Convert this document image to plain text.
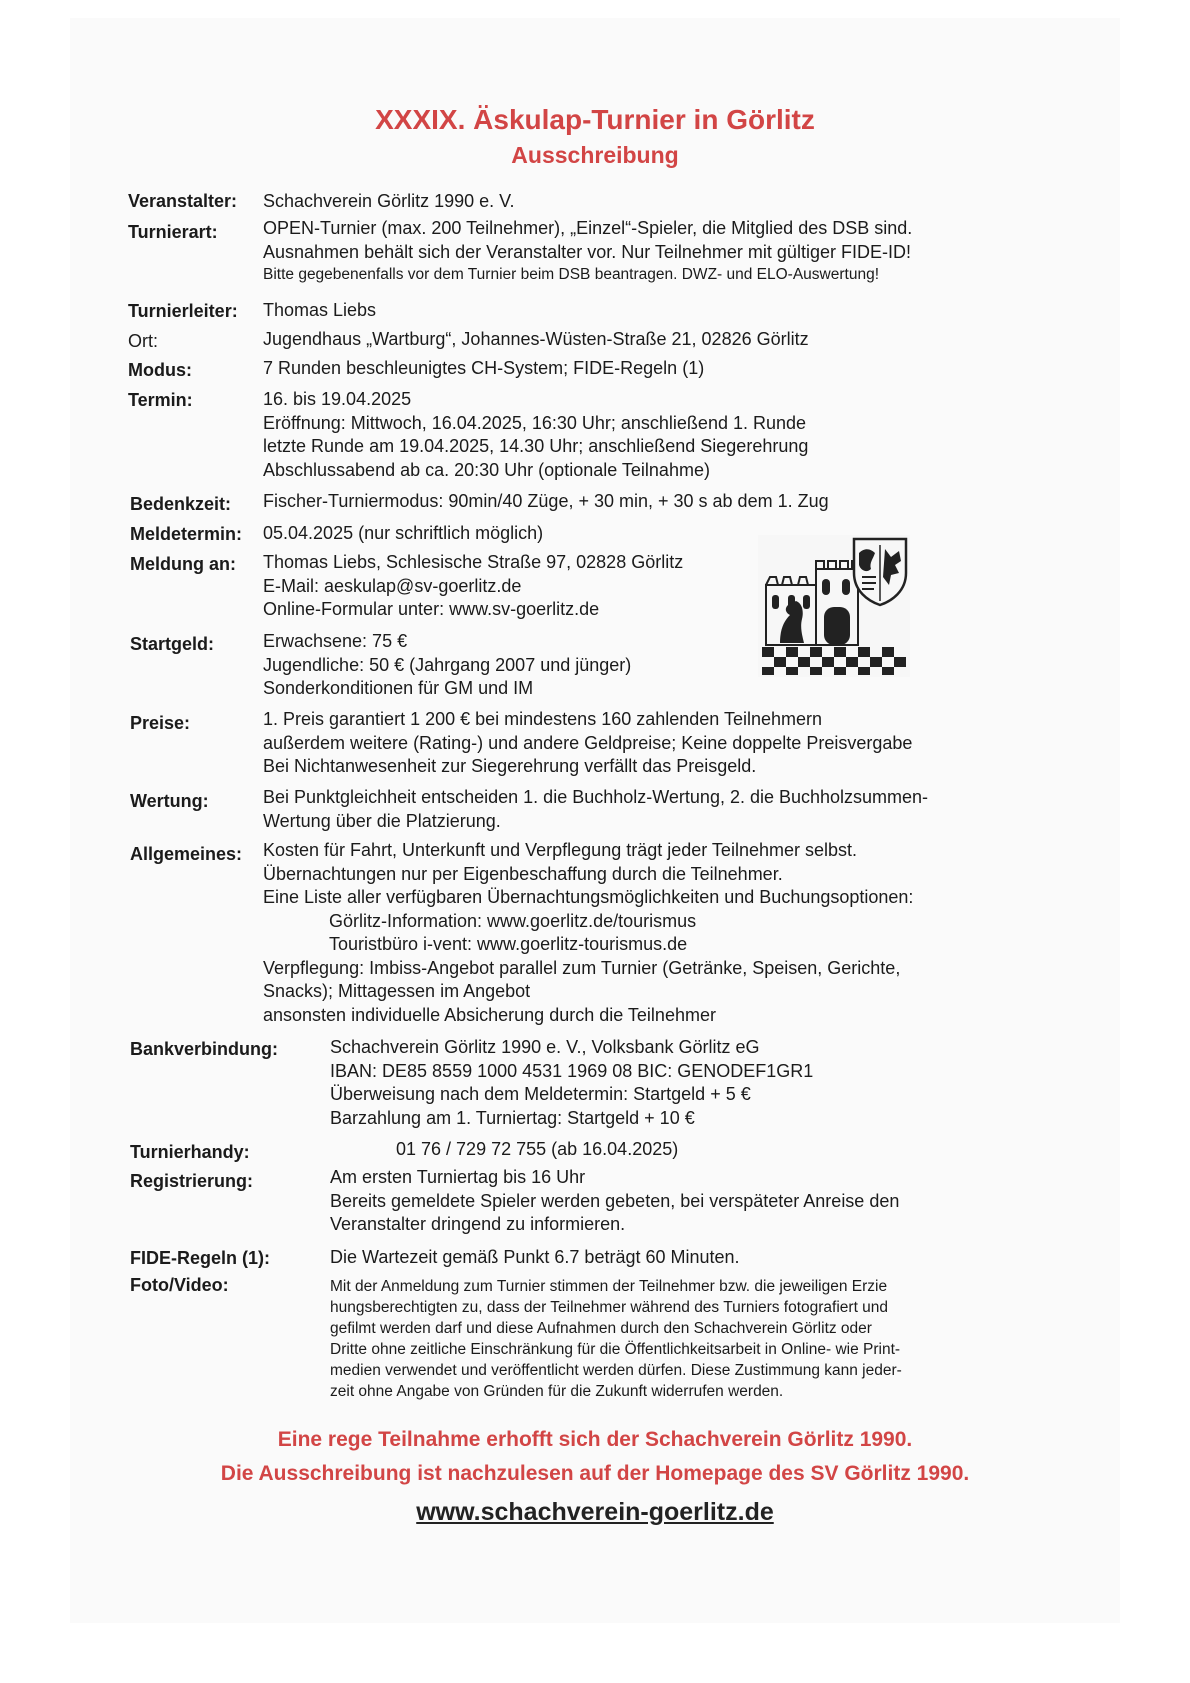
XXXIX. Äskulap-Turnier in Görlitz
Ausschreibung
Veranstalter: Schachverein Görlitz 1990 e. V.
Turnierart:	OPEN-Turnier (max. 200 Teilnehmer), „Einzel“-Spieler, die Mitglied des DSB sind.
Ausnahmen behält sich der Veranstalter vor. Nur Teilnehmer mit gültiger FIDE-ID!
Bitte gegebenenfalls vor dem Turnier beim DSB beantragen. DWZ- und ELO-Auswertung!
Turnierleiter: Thomas Liebs
Ort:	Jugendhaus „Wartburg“, Johannes-Wüsten-Straße 21, 02826 Görlitz
Modus:	7 Runden beschleunigtes CH-System; FIDE-Regeln (1)
Termin:	16. bis 19.04.2025
Eröffnung: Mittwoch, 16.04.2025, 16:30 Uhr; anschließend 1. Runde
letzte Runde am 19.04.2025, 14.30 Uhr; anschließend Siegerehrung
Abschlussabend ab ca. 20:30 Uhr (optionale Teilnahme)
Bedenkzeit: Fischer-Turniermodus: 90min/40 Züge, + 30 min, + 30 s ab dem 1. Zug
Meldetermin: 05.04.2025 (nur schriftlich möglich)
Meldung an: Thomas Liebs, Schlesische Straße 97, 02828 Görlitz
E-Mail: aeskulap@sv-goerlitz.de
Online-Formular unter: www.sv-goerlitz.de
Startgeld:	Erwachsene: 75 €
Jugendliche: 50 € (Jahrgang 2007 und jünger)
Sonderkonditionen für GM und IM
Preise:	1. Preis garantiert 1 200 € bei mindestens 160 zahlenden Teilnehmern
außerdem weitere (Rating-) und andere Geldpreise; Keine doppelte Preisvergabe
Bei Nichtanwesenheit zur Siegerehrung verfällt das Preisgeld.
Wertung:	Bei Punktgleichheit entscheiden 1. die Buchholz-Wertung, 2. die Buchholzsummen-
Wertung über die Platzierung.
Allgemeines: Kosten für Fahrt, Unterkunft und Verpflegung trägt jeder Teilnehmer selbst.
Übernachtungen nur per Eigenbeschaffung durch die Teilnehmer.
Eine Liste aller verfügbaren Übernachtungsmöglichkeiten und Buchungsoptionen:
Görlitz-Information: www.goerlitz.de/tourismus
Touristbüro i-vent: www.goerlitz-tourismus.de
Verpflegung: Imbiss-Angebot parallel zum Turnier (Getränke, Speisen, Gerichte,
Snacks); Mittagessen im Angebot
ansonsten individuelle Absicherung durch die Teilnehmer
Bankverbindung:	Schachverein Görlitz 1990 e. V., Volksbank Görlitz eG
IBAN: DE85 8559 1000 4531 1969 08 BIC: GENODEF1GR1
Überweisung nach dem Meldetermin: Startgeld + 5 €
Barzahlung am 1. Turniertag: Startgeld + 10 €
Turnierhandy:	01 76 / 729 72 755 (ab 16.04.2025)
Registrierung:	Am ersten Turniertag bis 16 Uhr
Bereits gemeldete Spieler werden gebeten, bei verspäteter Anreise den
Veranstalter dringend zu informieren.
FIDE-Regeln (1):	Die Wartezeit gemäß Punkt 6.7 beträgt 60 Minuten.
Foto/Video:	Mit der Anmeldung zum Turnier stimmen der Teilnehmer bzw. die jeweiligen Erzie
hungsberechtigten zu, dass der Teilnehmer während des Turniers fotografiert und
gefilmt werden darf und diese Aufnahmen durch den Schachverein Görlitz oder
Dritte ohne zeitliche Einschränkung für die Öffentlichkeitsarbeit in Online- wie Print-
medien verwendet und veröffentlicht werden dürfen. Diese Zustimmung kann jeder-
zeit ohne Angabe von Gründen für die Zukunft widerrufen werden.
Eine rege Teilnahme erhofft sich der Schachverein Görlitz 1990.
Die Ausschreibung ist nachzulesen auf der Homepage des SV Görlitz 1990.
www.schachverein-goerlitz.de
